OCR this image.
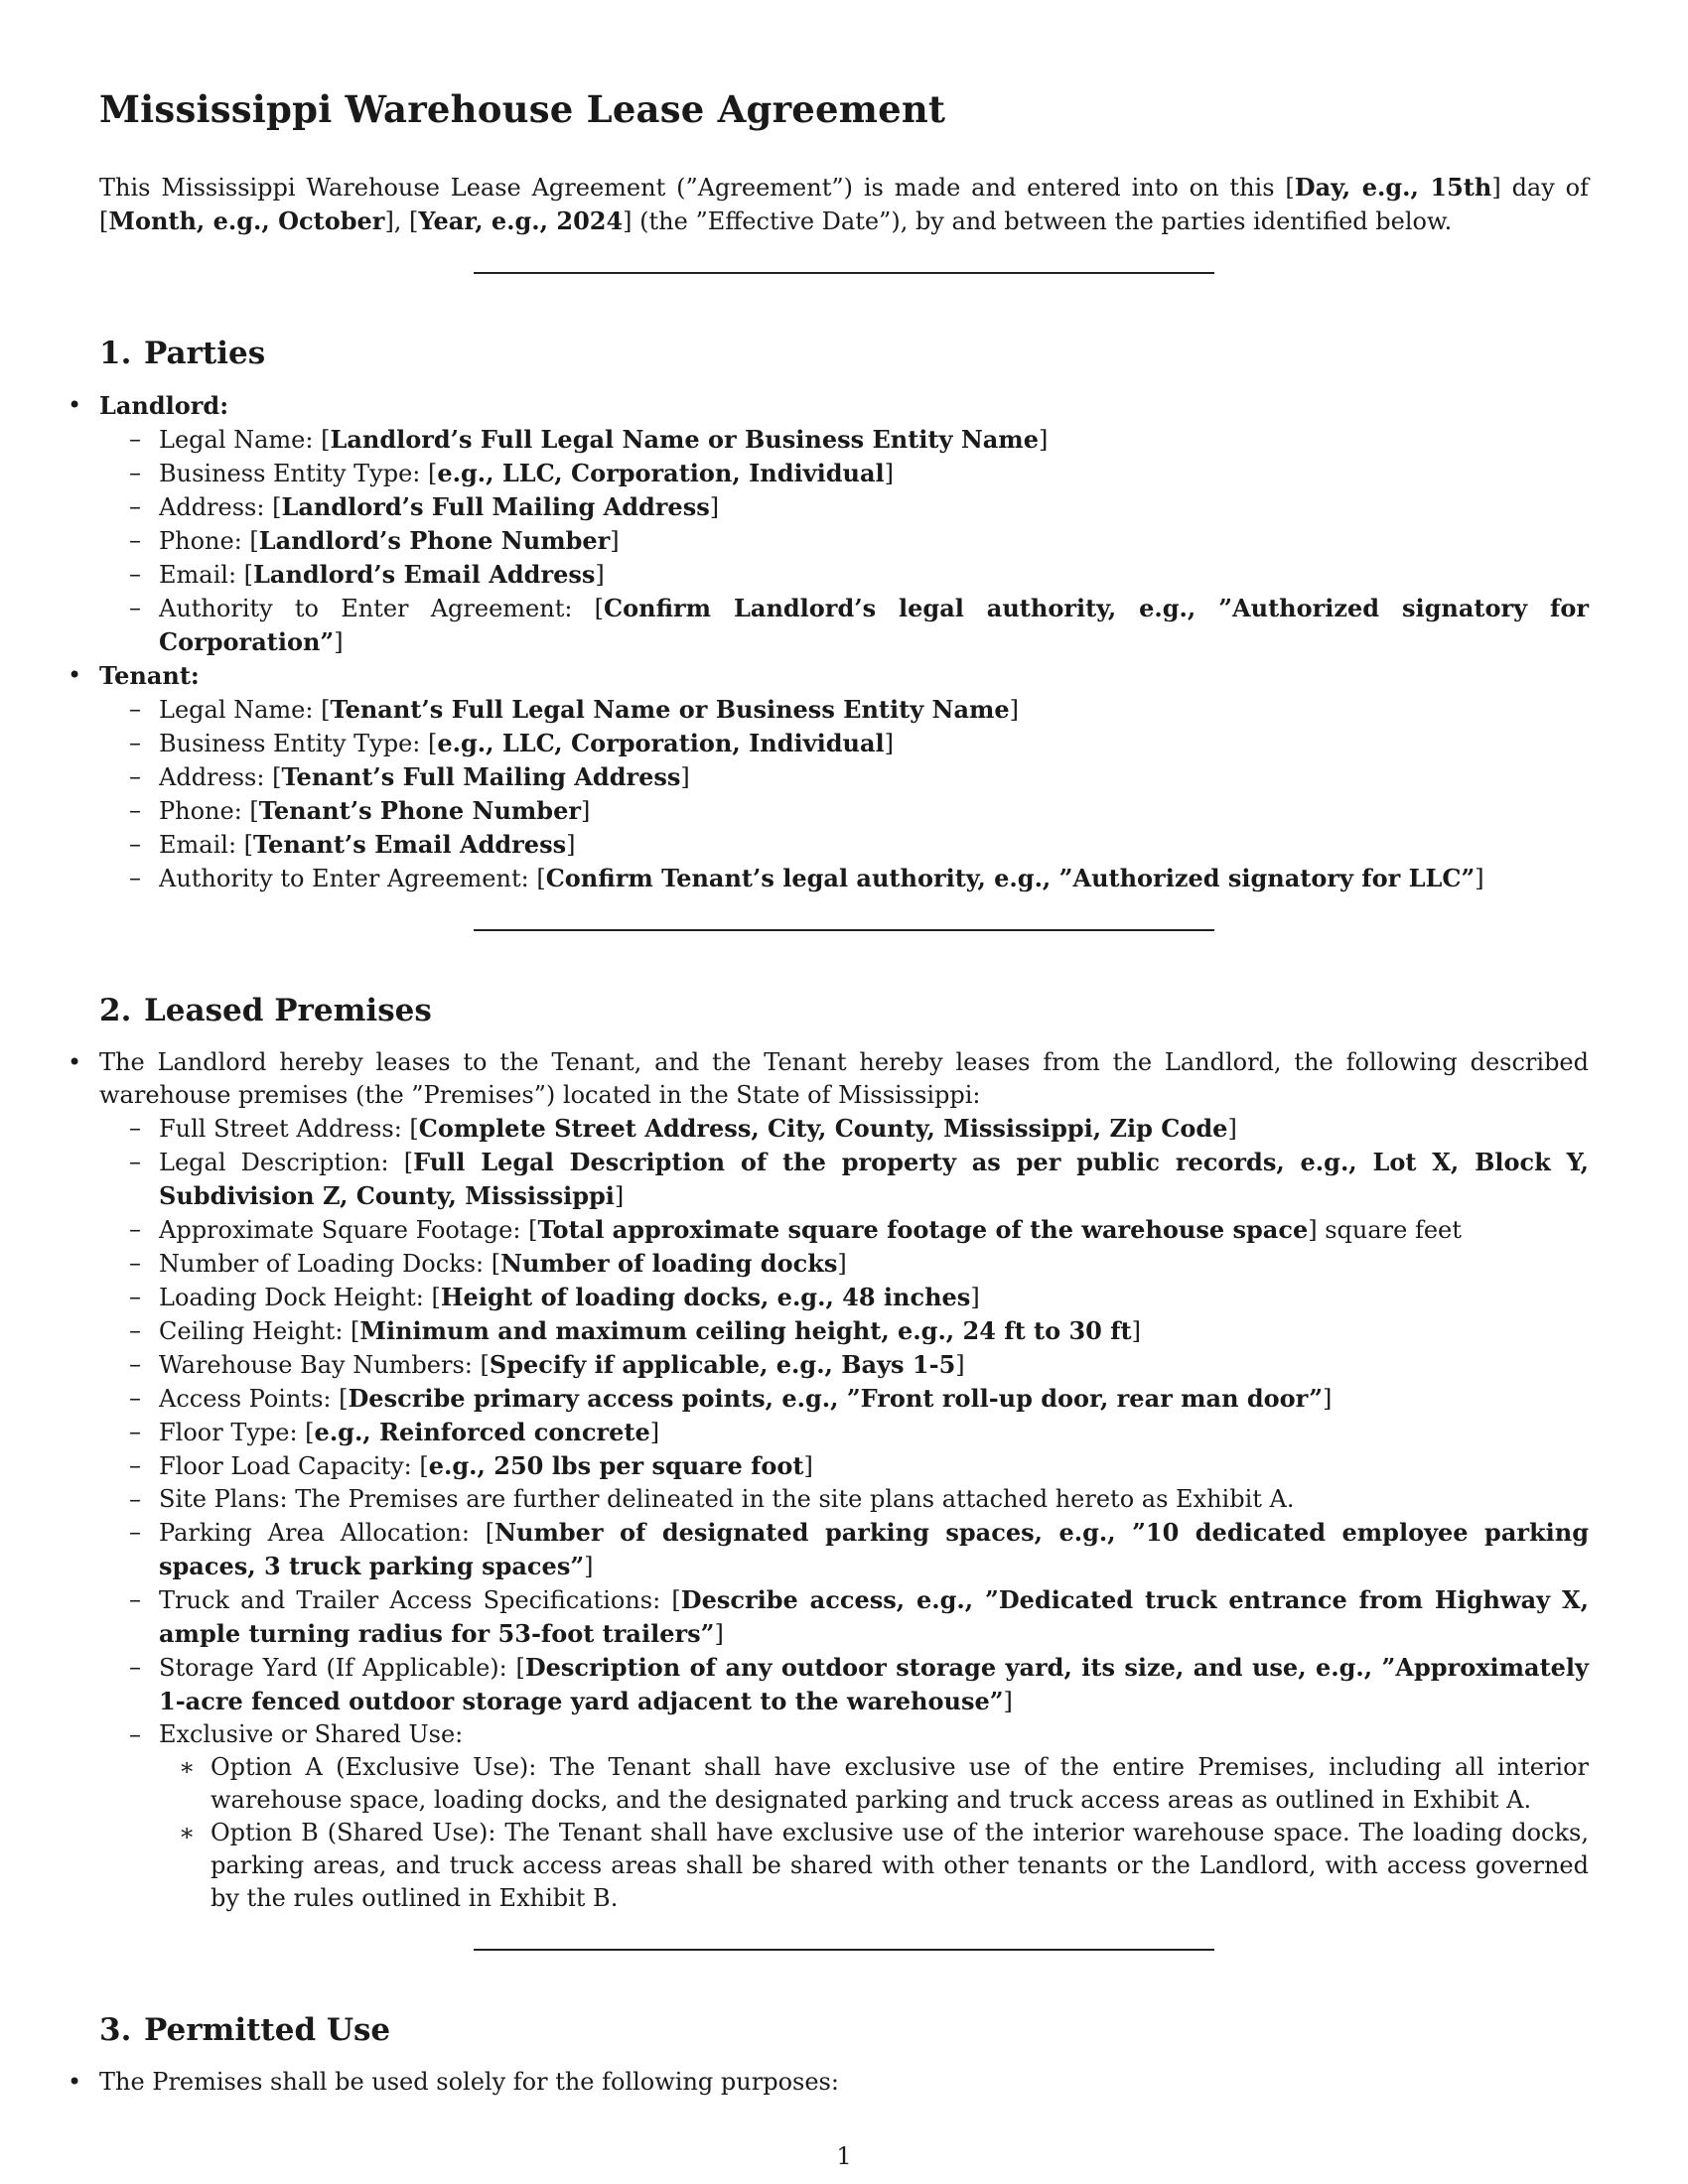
Mississippi Warehouse Lease Agreement

This Mississippi Warehouse Lease Agreement (”Agreement”) is made and entered into on this [Day, e.g., 15th] day of [Month, e.g., October], [Year, e.g., 2024] (the ”Effective Date”), by and between the parties identified below.

1. Parties
• Landlord:
– Legal Name: [Landlord’s Full Legal Name or Business Entity Name]
– Business Entity Type: [e.g., LLC, Corporation, Individual]
– Address: [Landlord’s Full Mailing Address]
– Phone: [Landlord’s Phone Number]
– Email: [Landlord’s Email Address]
– Authority to Enter Agreement: [Confirm Landlord’s legal authority, e.g., ”Authorized signatory for Corporation”]
• Tenant:
– Legal Name: [Tenant’s Full Legal Name or Business Entity Name]
– Business Entity Type: [e.g., LLC, Corporation, Individual]
– Address: [Tenant’s Full Mailing Address]
– Phone: [Tenant’s Phone Number]
– Email: [Tenant’s Email Address]
– Authority to Enter Agreement: [Confirm Tenant’s legal authority, e.g., ”Authorized signatory for LLC”]
2. Leased Premises
• The Landlord hereby leases to the Tenant, and the Tenant hereby leases from the Landlord, the following described warehouse premises (the ”Premises”) located in the State of Mississippi:
– Full Street Address: [Complete Street Address, City, County, Mississippi, Zip Code]
– Legal Description: [Full Legal Description of the property as per public records, e.g., Lot X, Block Y, Subdivision Z, County, Mississippi]
– Approximate Square Footage: [Total approximate square footage of the warehouse space] square feet
– Number of Loading Docks: [Number of loading docks]
– Loading Dock Height: [Height of loading docks, e.g., 48 inches]
– Ceiling Height: [Minimum and maximum ceiling height, e.g., 24 ft to 30 ft]
– Warehouse Bay Numbers: [Specify if applicable, e.g., Bays 1-5]
– Access Points: [Describe primary access points, e.g., ”Front roll-up door, rear man door”]
– Floor Type: [e.g., Reinforced concrete]
– Floor Load Capacity: [e.g., 250 lbs per square foot]
– Site Plans: The Premises are further delineated in the site plans attached hereto as Exhibit A.
– Parking Area Allocation: [Number of designated parking spaces, e.g., ”10 dedicated employee parking spaces, 3 truck parking spaces”]
– Truck and Trailer Access Specifications: [Describe access, e.g., ”Dedicated truck entrance from Highway X, ample turning radius for 53-foot trailers”]
– Storage Yard (If Applicable): [Description of any outdoor storage yard, its size, and use, e.g., ”Approximately 1-acre fenced outdoor storage yard adjacent to the warehouse”]
– Exclusive or Shared Use:
∗ Option A (Exclusive Use): The Tenant shall have exclusive use of the entire Premises, including all interior warehouse space, loading docks, and the designated parking and truck access areas as outlined in Exhibit A.
∗ Option B (Shared Use): The Tenant shall have exclusive use of the interior warehouse space. The loading docks, parking areas, and truck access areas shall be shared with other tenants or the Landlord, with access governed by the rules outlined in Exhibit B.
3. Permitted Use
• The Premises shall be used solely for the following purposes:
1
